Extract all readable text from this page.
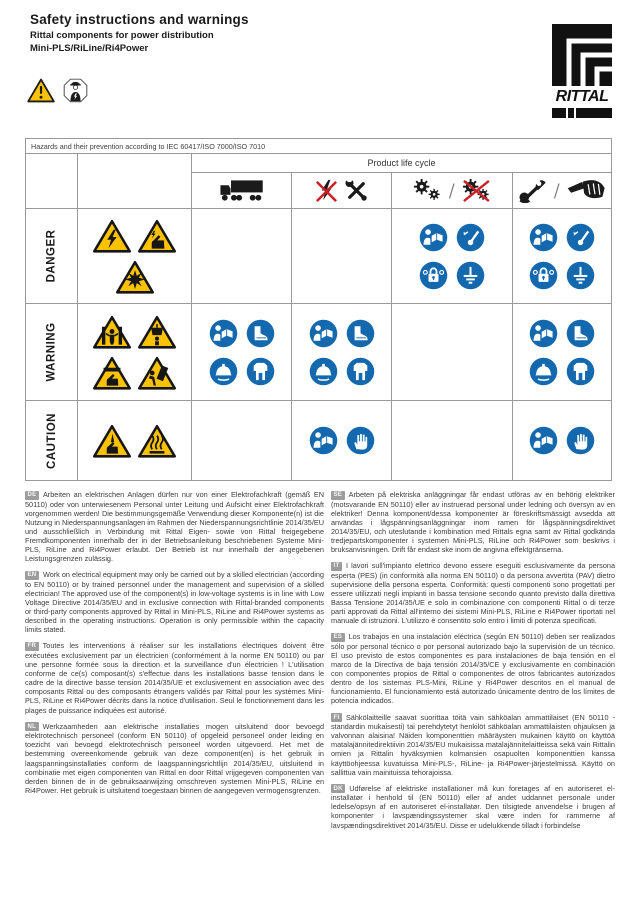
Safety instructions and warnings
Rittal components for power distribution
Mini-PLS/RiLine/Ri4Power
RITTAL
Hazards and their prevention according to IEC 60417/ISO 7000/ISO 7010
Product life cycle
DANGER
WARNING
CAUTION

DE Arbeiten an elektrischen Anlagen dürfen nur von einer Elektrofachkraft (gemäß EN 50110) oder von unterwiesenem Personal unter Leitung und Aufsicht einer Elektrofachkraft vorgenommen werden! Die bestimmungsgemäße Verwendung dieser Komponente(n) ist die Nutzung in Niederspannungsanlagen im Rahmen der Niederspannungsrichtlinie 2014/35/EU und ausschließlich in Verbindung mit Rittal Eigen- sowie von Rittal freigegebene Fremdkomponenten innerhalb der in der Betriebsanleitung beschriebenen Systeme Mini-PLS, RiLine and Ri4Power erlaubt. Der Betrieb ist nur innerhalb der angegebenen Leistungsgrenzen zulässig.

EN Work on electrical equipment may only be carried out by a skilled electrician (according to EN 50110) or by trained personnel under the management and supervision of a skilled electrician! The approved use of the component(s) in low-voltage systems is in line with Low Voltage Directive 2014/35/EU and in exclusive connection with Rittal-branded components or third-party components approved by Rittal in Mini-PLS, RiLine and Ri4Power systems as described in the operating instructions. Operation is only permissible within the capacity limits stated.

FR Toutes les interventions à réaliser sur les installations électriques doivent être exécutées exclusivement par un électricien (conformément à la norme EN 50110) ou par une personne formée sous la direction et la surveillance d'un électricien ! L'utilisation conforme de ce(s) composant(s) s'effectue dans les installations basse tension dans le cadre de la directive basse tension 2014/35/UE et exclusivement en association avec des composants Rittal ou des composants étrangers validés par Rittal pour les systèmes Mini-PLS, RiLine et Ri4Power décrits dans la notice d'utilisation. Seul le fonctionnement dans les plages de puissance indiquées est autorisé.

NL Werkzaamheden aan elektrische installaties mogen uitsluitend door bevoegd elektrotechnisch personeel (conform EN 50110) of opgeleid personeel onder leiding en toezicht van bevoegd elektrotechnisch personeel worden uitgevoerd. Het met de bestemming overeenkomende gebruik van deze component(en) is het gebruik in laagspanningsinstallaties conform de laagspanningsrichtlijn 2014/35/EU, uitsluitend in combinatie met eigen componenten van Rittal en door Rittal vrijgegeven componenten van derden binnen de in de gebruiksaanwijzing omschreven systemen Mini-PLS, RiLine en Ri4Power. Het gebruik is uitsluitend toegestaan binnen de aangegeven vermogensgrenzen.

SE Arbeten på elektriska anläggningar får endast utföras av en behörig elektriker (motsvarande EN 50110) eller av instruerad personal under ledning och översyn av en elektriker! Denna komponent/dessa komponenter är föreskriftsmässigt avsedda att användas i lågspänningsanläggningar inom ramen för lågspänningsdirektivet 2014/35/EU, och uteslutande i kombination med Rittals egna samt av Rittal godkända tredjepartskomponenter i systemen Mini-PLS, RiLine och Ri4Power som beskrivs i bruksanvisningen. Drift får endast ske inom de angivna effektgränserna.

IT I lavori sull'impianto elettrico devono essere eseguiti esclusivamente da persona esperta (PES) (in conformità alla norma EN 50110) o da persona avvertita (PAV) dietro supervisione della persona esperta. Conformità: questi componenti sono progettati per essere utilizzati negli impianti in bassa tensione secondo quanto previsto dalla direttiva Bassa Tensione 2014/35/UE e solo in combinazione con componenti Rittal o di terze parti approvati da Rittal all'interno dei sistemi Mini-PLS, RiLine e Ri4Power riportati nel manuale di istruzioni. L'utilizzo è consentito solo entro i limiti di potenza specificati.

ES Los trabajos en una instalación eléctrica (según EN 50110) deben ser realizados sólo por personal técnico o por personal autorizado bajo la supervisión de un técnico. El uso previsto de estos componentes es para instalaciones de baja tensión en el marco de la Directiva de baja tensión 2014/35/CE y exclusivamente en combinación con componentes propios de Rittal o componentes de otros fabricantes autorizados dentro de los sistemas PLS-Mini, RiLine y Ri4Power descritos en el manual de funcionamiento. El funcionamiento está autorizado únicamente dentro de los límites de potencia indicados.

FI Sähkölaitteille saavat suorittaa töitä vain sähköalan ammattilaiset (EN 50110 -standardin mukaisesti) tai perehdytetyt henkilöt sähköalan ammattilaisten ohjauksen ja valvonnan alaisina! Näiden komponenttien määräysten mukainen käyttö on käyttöä matalajännitedirektiivin 2014/35/EU mukaisissa matalajännitelaitteissa sekä vain Rittalin omien ja Rittalin hyväksymien kolmansien osapuolten komponenttien kanssa käyttöohjeessa kuvatuissa Mini-PLS-, RiLine- ja Ri4Power-järjestelmissä. Käyttö on sallittua vain mainituissa tehorajoissa.

DK Udførelse af elektriske installationer må kun foretages af en autoriseret el-installatør i henhold til (EN 50110) eller af andet uddannet personale under ledelse/opsyn af en autoriseret el-installatør. Den tilsigtede anvendelse i brugen af komponenter i lavspændingssystemer skal være inden for rammerne af lavspændingsdirektivet 2014/35/EU. Disse er udelukkende tilladt i forbindelse
